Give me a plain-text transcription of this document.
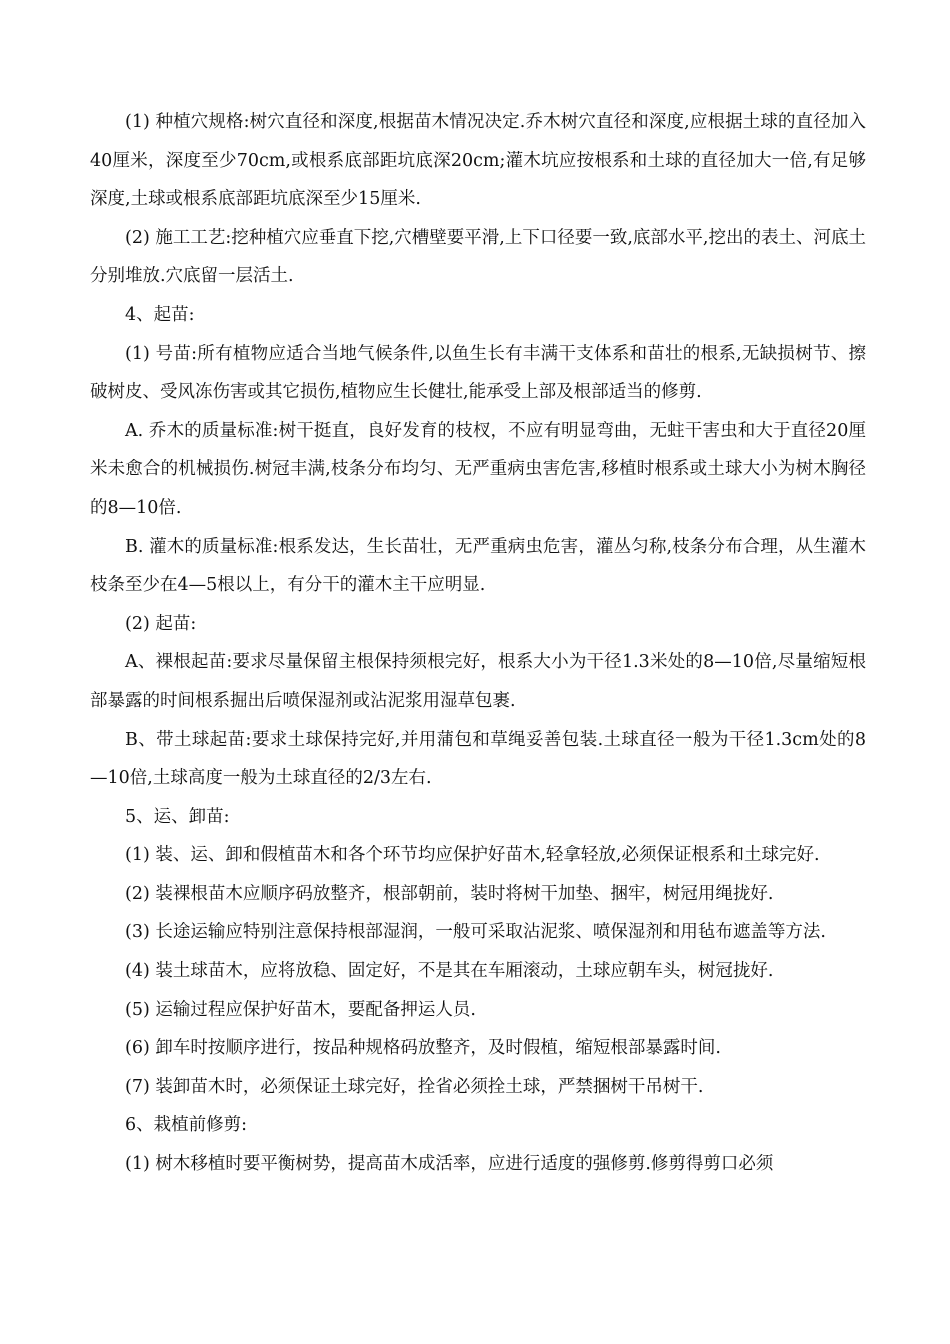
(1) 种植穴规格:树穴直径和深度,根据苗木情况决定.乔木树穴直径和深度,应根据土球的直径加入40厘米，深度至少70cm,或根系底部距坑底深20cm;灌木坑应按根系和土球的直径加大一倍,有足够深度,土球或根系底部距坑底深至少15厘米.

(2) 施工工艺:挖种植穴应垂直下挖,穴槽壁要平滑,上下口径要一致,底部水平,挖出的表土、河底土分别堆放.穴底留一层活土.

4、起苗:

(1) 号苗:所有植物应适合当地气候条件,以鱼生长有丰满干支体系和苗壮的根系,无缺损树节、擦破树皮、受风冻伤害或其它损伤,植物应生长健壮,能承受上部及根部适当的修剪.

A. 乔木的质量标准:树干挺直，良好发育的枝杈，不应有明显弯曲，无蛀干害虫和大于直径20厘米未愈合的机械损伤.树冠丰满,枝条分布均匀、无严重病虫害危害,移植时根系或土球大小为树木胸径的8—10倍.

B. 灌木的质量标准:根系发达，生长苗壮，无严重病虫危害，灌丛匀称,枝条分布合理，从生灌木枝条至少在4—5根以上，有分干的灌木主干应明显.

(2) 起苗:

A、裸根起苗:要求尽量保留主根保持须根完好，根系大小为干径1.3米处的8—10倍,尽量缩短根部暴露的时间根系掘出后喷保湿剂或沾泥浆用湿草包裹.

B、带土球起苗:要求土球保持完好,并用蒲包和草绳妥善包装.土球直径一般为干径1.3cm处的8—10倍,土球高度一般为土球直径的2/3左右.

5、运、卸苗:

(1) 装、运、卸和假植苗木和各个环节均应保护好苗木,轻拿轻放,必须保证根系和土球完好.

(2) 装裸根苗木应顺序码放整齐，根部朝前，装时将树干加垫、捆牢，树冠用绳拢好.

(3) 长途运输应特别注意保持根部湿润，一般可采取沾泥浆、喷保湿剂和用毡布遮盖等方法.

(4) 装土球苗木，应将放稳、固定好，不是其在车厢滚动，土球应朝车头，树冠拢好.

(5) 运输过程应保护好苗木，要配备押运人员.

(6) 卸车时按顺序进行，按品种规格码放整齐，及时假植，缩短根部暴露时间.

(7) 装卸苗木时，必须保证土球完好，拴省必须拴土球，严禁捆树干吊树干.

6、栽植前修剪:

(1) 树木移植时要平衡树势，提高苗木成活率，应进行适度的强修剪.修剪得剪口必须
